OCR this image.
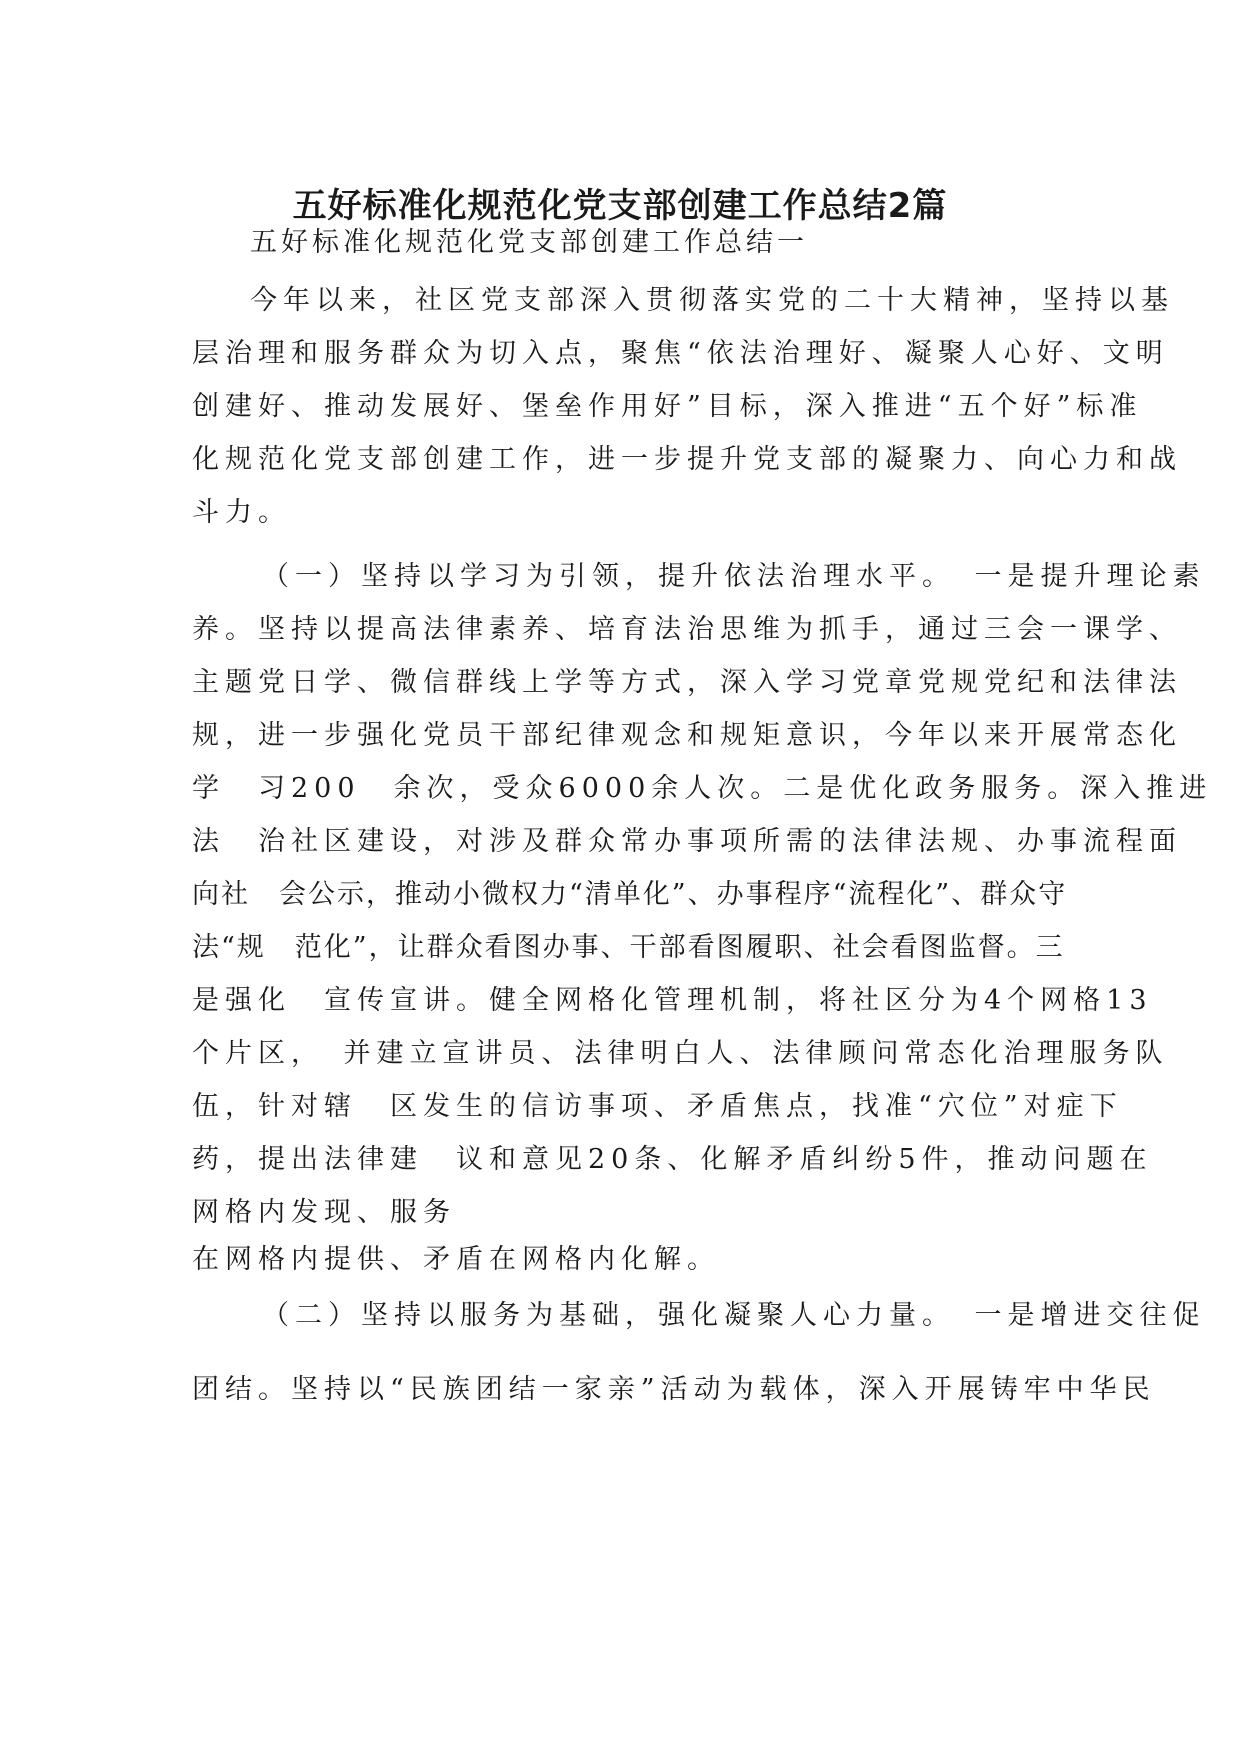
五好标准化规范化党支部创建工作总结2篇

五好标准化规范化党支部创建工作总结一

今年以来，社区党支部深入贯彻落实党的二十大精神，坚持以基

层治理和服务群众为切入点，聚焦“依法治理好、凝聚人心好、文明

创建好、推动发展好、堡垒作用好”目标，深入推进“五个好”标准

化规范化党支部创建工作，进一步提升党支部的凝聚力、向心力和战

斗力。

（一）坚持以学习为引领，提升依法治理水平。　一是提升理论素

养。坚持以提高法律素养、培育法治思维为抓手，通过三会一课学、

主题党日学、微信群线上学等方式，深入学习党章党规党纪和法律法

规，进一步强化党员干部纪律观念和规矩意识，今年以来开展常态化

学　习200　余次，受众6000余人次。二是优化政务服务。深入推进

法　治社区建设，对涉及群众常办事项所需的法律法规、办事流程面

向社　会公示，推动小微权力“清单化”、办事程序“流程化”、群众守

法“规　范化”，让群众看图办事、干部看图履职、社会看图监督。三

是强化　宣传宣讲。健全网格化管理机制，将社区分为4个网格13

个片区，　并建立宣讲员、法律明白人、法律顾问常态化治理服务队

伍，针对辖　区发生的信访事项、矛盾焦点，找准“穴位”对症下

药，提出法律建　议和意见20条、化解矛盾纠纷5件，推动问题在

网格内发现、服务

在网格内提供、矛盾在网格内化解。

（二）坚持以服务为基础，强化凝聚人心力量。　一是增进交往促

团结。坚持以“民族团结一家亲”活动为载体，深入开展铸牢中华民
